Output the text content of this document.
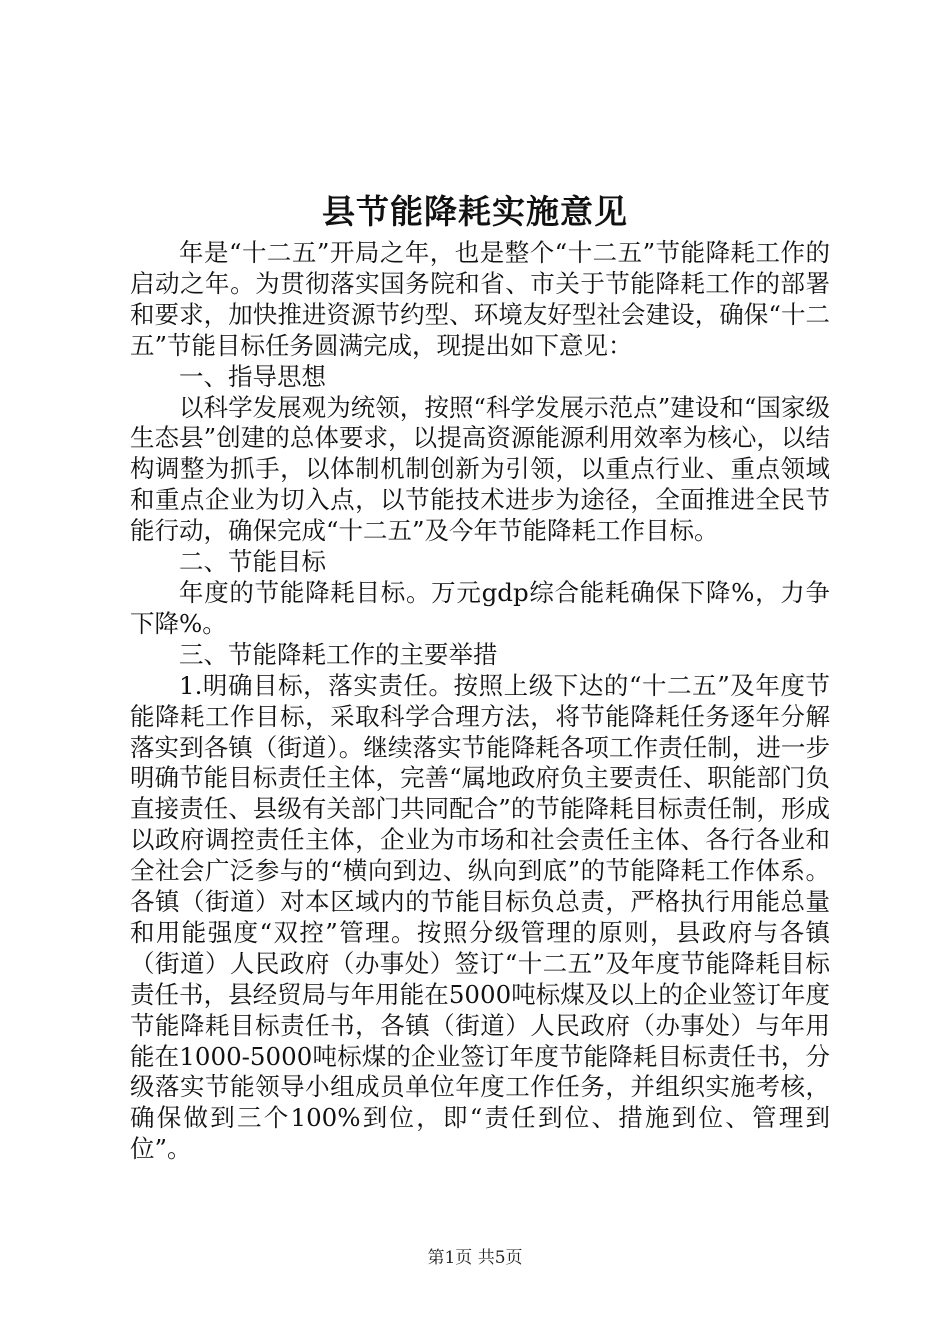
县节能降耗实施意见

年是“十二五”开局之年，也是整个“十二五”节能降耗工作的启动之年。为贯彻落实国务院和省、市关于节能降耗工作的部署和要求，加快推进资源节约型、环境友好型社会建设，确保“十二五”节能目标任务圆满完成，现提出如下意见：

一、指导思想

以科学发展观为统领，按照“科学发展示范点”建设和“国家级生态县”创建的总体要求，以提高资源能源利用效率为核心，以结构调整为抓手，以体制机制创新为引领，以重点行业、重点领域和重点企业为切入点，以节能技术进步为途径，全面推进全民节能行动，确保完成“十二五”及今年节能降耗工作目标。

二、节能目标

年度的节能降耗目标。万元gdp综合能耗确保下降%，力争下降%。

三、节能降耗工作的主要举措

1.明确目标，落实责任。按照上级下达的“十二五”及年度节能降耗工作目标，采取科学合理方法，将节能降耗任务逐年分解落实到各镇（街道）。继续落实节能降耗各项工作责任制，进一步明确节能目标责任主体，完善“属地政府负主要责任、职能部门负直接责任、县级有关部门共同配合”的节能降耗目标责任制，形成以政府调控责任主体，企业为市场和社会责任主体、各行各业和全社会广泛参与的“横向到边、纵向到底”的节能降耗工作体系。各镇（街道）对本区域内的节能目标负总责，严格执行用能总量和用能强度“双控”管理。按照分级管理的原则，县政府与各镇（街道）人民政府（办事处）签订“十二五”及年度节能降耗目标责任书，县经贸局与年用能在5000吨标煤及以上的企业签订年度节能降耗目标责任书，各镇（街道）人民政府（办事处）与年用能在1000-5000吨标煤的企业签订年度节能降耗目标责任书，分级落实节能领导小组成员单位年度工作任务，并组织实施考核，确保做到三个100%到位，即“责任到位、措施到位、管理到位”。

第1页 共5页
